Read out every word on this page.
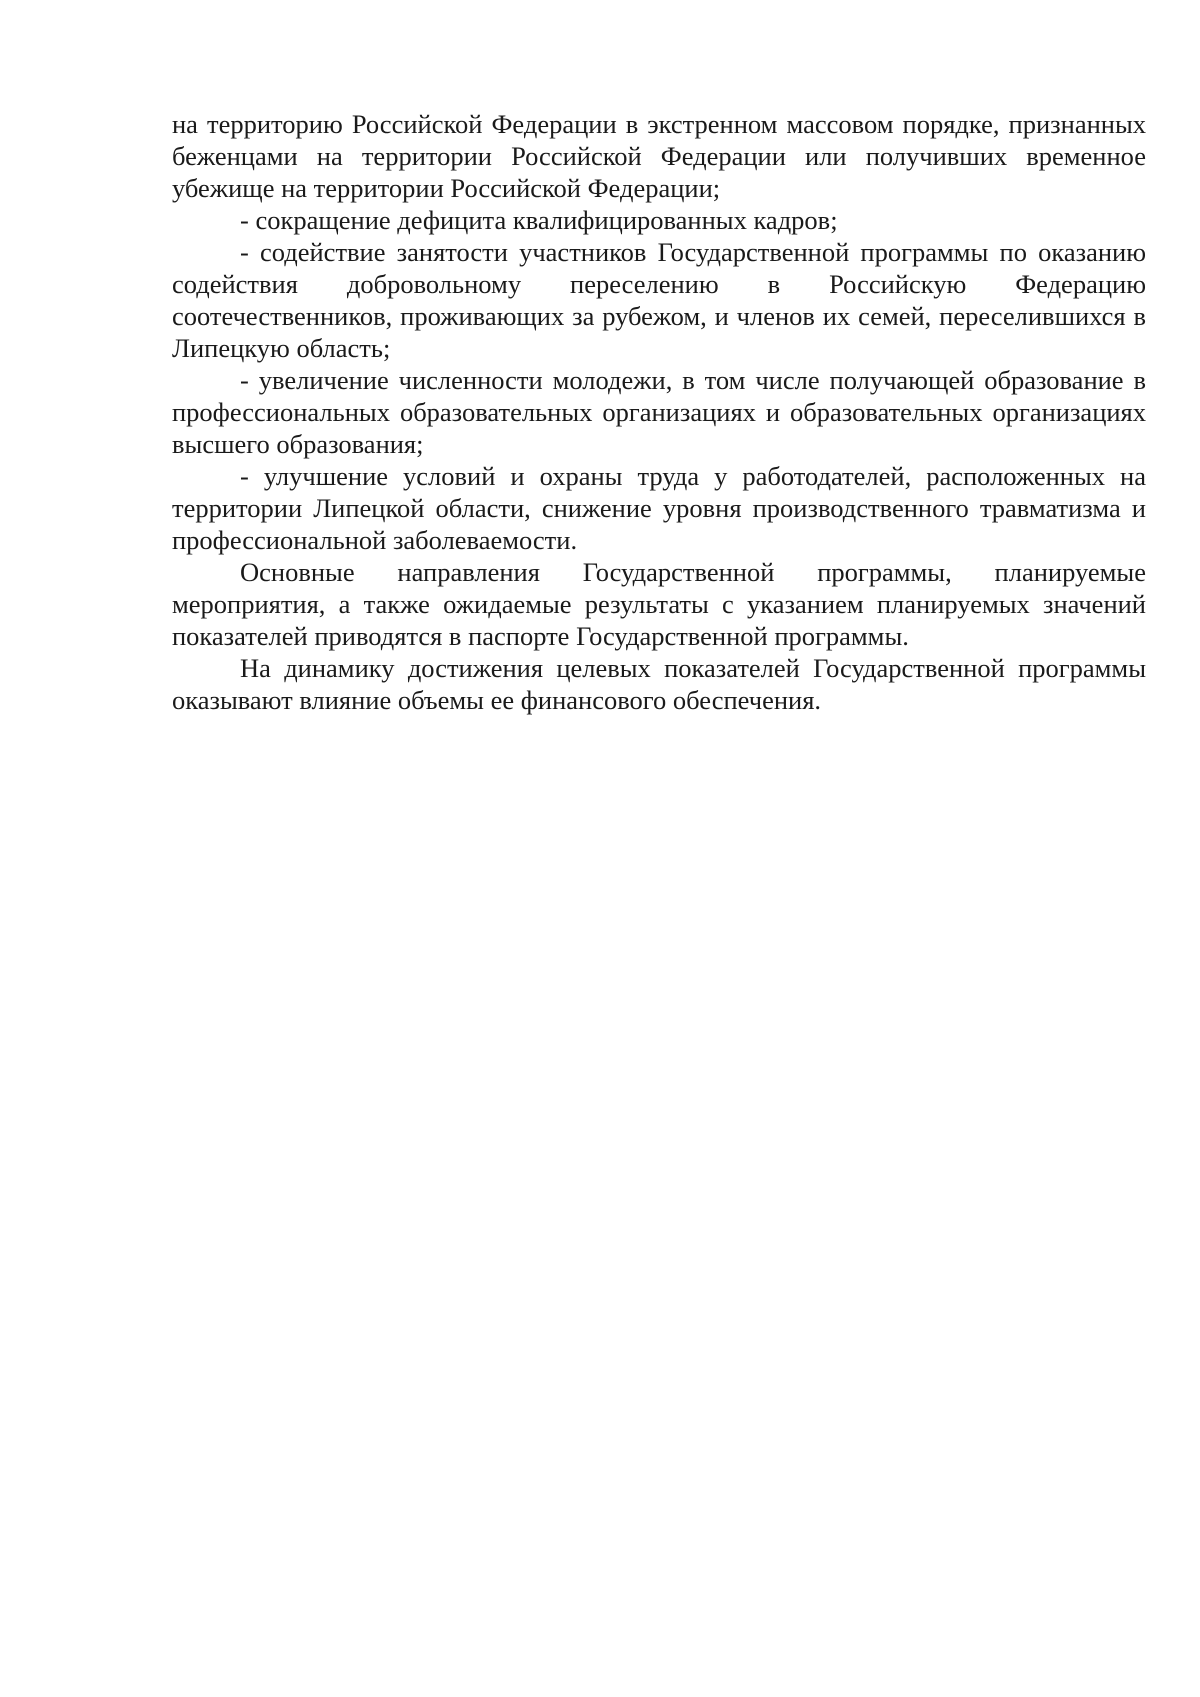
на территорию Российской Федерации в экстренном массовом порядке, признанных беженцами на территории Российской Федерации или получивших временное убежище на территории Российской Федерации;

- сокращение дефицита квалифицированных кадров;

- содействие занятости участников Государственной программы по оказанию содействия добровольному переселению в Российскую Федерацию соотечественников, проживающих за рубежом, и членов их семей, переселившихся в Липецкую область;

- увеличение численности молодежи, в том числе получающей образование в профессиональных образовательных организациях и образовательных организациях высшего образования;

- улучшение условий и охраны труда у работодателей, расположенных на территории Липецкой области, снижение уровня производственного травматизма и профессиональной заболеваемости.

Основные направления Государственной программы, планируемые мероприятия, а также ожидаемые результаты с указанием планируемых значений показателей приводятся в паспорте Государственной программы.

На динамику достижения целевых показателей Государственной программы оказывают влияние объемы ее финансового обеспечения.
